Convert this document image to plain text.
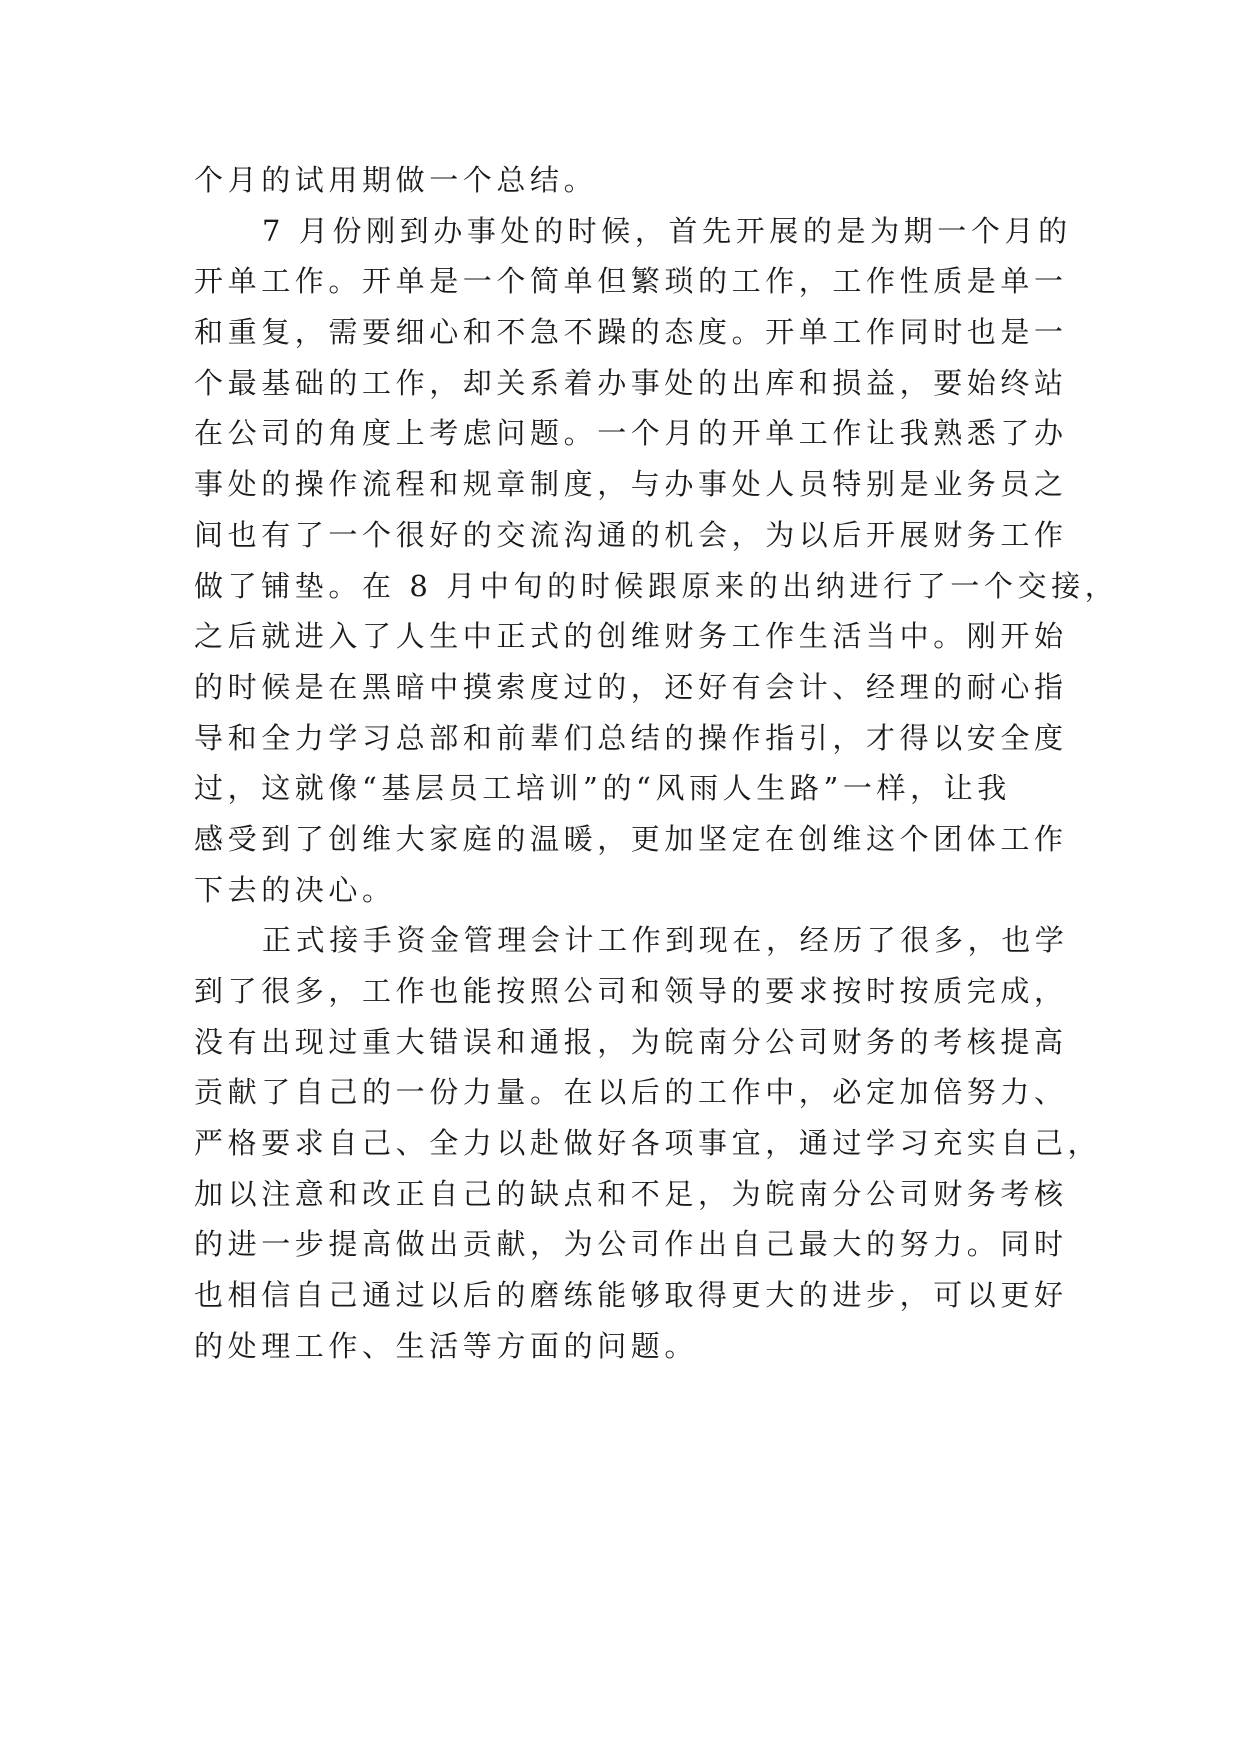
个月的试用期做一个总结。
7 月份刚到办事处的时候，首先开展的是为期一个月的
开单工作。开单是一个简单但繁琐的工作，工作性质是单一
和重复，需要细心和不急不躁的态度。开单工作同时也是一
个最基础的工作，却关系着办事处的出库和损益，要始终站
在公司的角度上考虑问题。一个月的开单工作让我熟悉了办
事处的操作流程和规章制度，与办事处人员特别是业务员之
间也有了一个很好的交流沟通的机会，为以后开展财务工作
做了铺垫。在 8 月中旬的时候跟原来的出纳进行了一个交接，
之后就进入了人生中正式的创维财务工作生活当中。刚开始
的时候是在黑暗中摸索度过的，还好有会计、经理的耐心指
导和全力学习总部和前辈们总结的操作指引，才得以安全度
过，这就像“基层员工培训”的“风雨人生路”一样，让我
感受到了创维大家庭的温暖，更加坚定在创维这个团体工作
下去的决心。
正式接手资金管理会计工作到现在，经历了很多，也学
到了很多，工作也能按照公司和领导的要求按时按质完成，
没有出现过重大错误和通报，为皖南分公司财务的考核提高
贡献了自己的一份力量。在以后的工作中，必定加倍努力、
严格要求自己、全力以赴做好各项事宜，通过学习充实自己，
加以注意和改正自己的缺点和不足，为皖南分公司财务考核
的进一步提高做出贡献，为公司作出自己最大的努力。同时
也相信自己通过以后的磨练能够取得更大的进步，可以更好
的处理工作、生活等方面的问题。
